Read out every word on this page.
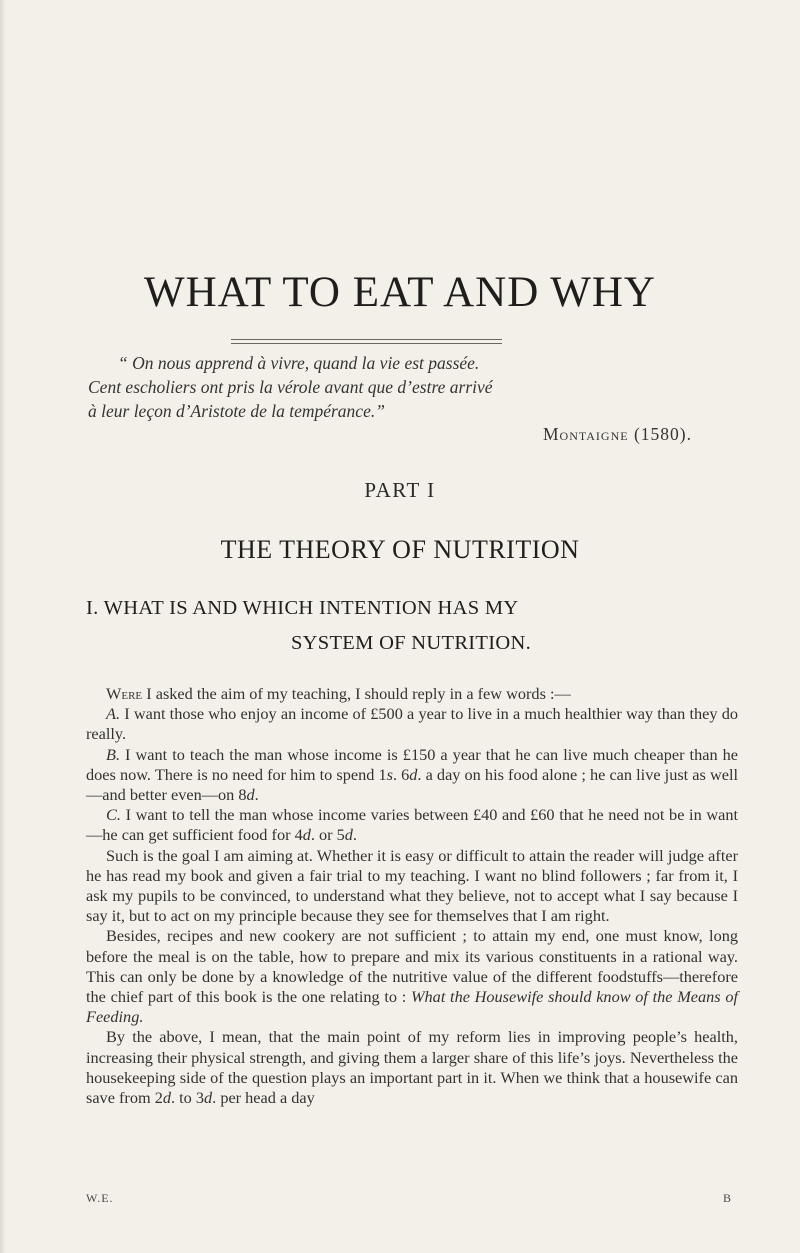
WHAT TO EAT AND WHY

“ On nous apprend à vivre, quand la vie est passée.

Cent escholiers ont pris la vérole avant que d’estre arrivé

à leur leçon d’Aristote de la tempérance.”

Montaigne (1580).
PART I
THE THEORY OF NUTRITION
I. WHAT IS AND WHICH INTENTION HAS MY
SYSTEM OF NUTRITION.

Were I asked the aim of my teaching, I should reply in a few words :—

A. I want those who enjoy an income of £500 a year to live in a much healthier way than they do really.

B. I want to teach the man whose income is £150 a year that he can live much cheaper than he does now. There is no need for him to spend 1s. 6d. a day on his food alone ; he can live just as well—and better even—on 8d.

C. I want to tell the man whose income varies between £40 and £60 that he need not be in want—he can get sufficient food for 4d. or 5d.

Such is the goal I am aiming at. Whether it is easy or difficult to attain the reader will judge after he has read my book and given a fair trial to my teaching. I want no blind followers ; far from it, I ask my pupils to be convinced, to understand what they believe, not to accept what I say because I say it, but to act on my principle because they see for themselves that I am right.

Besides, recipes and new cookery are not sufficient ; to attain my end, one must know, long before the meal is on the table, how to prepare and mix its various constituents in a rational way. This can only be done by a knowledge of the nutritive value of the different foodstuffs—therefore the chief part of this book is the one relating to : What the Housewife should know of the Means of Feeding.

By the above, I mean, that the main point of my reform lies in improving people’s health, increasing their physical strength, and giving them a larger share of this life’s joys. Nevertheless the housekeeping side of the question plays an important part in it. When we think that a housewife can save from 2d. to 3d. per head a day

W.E.	B
